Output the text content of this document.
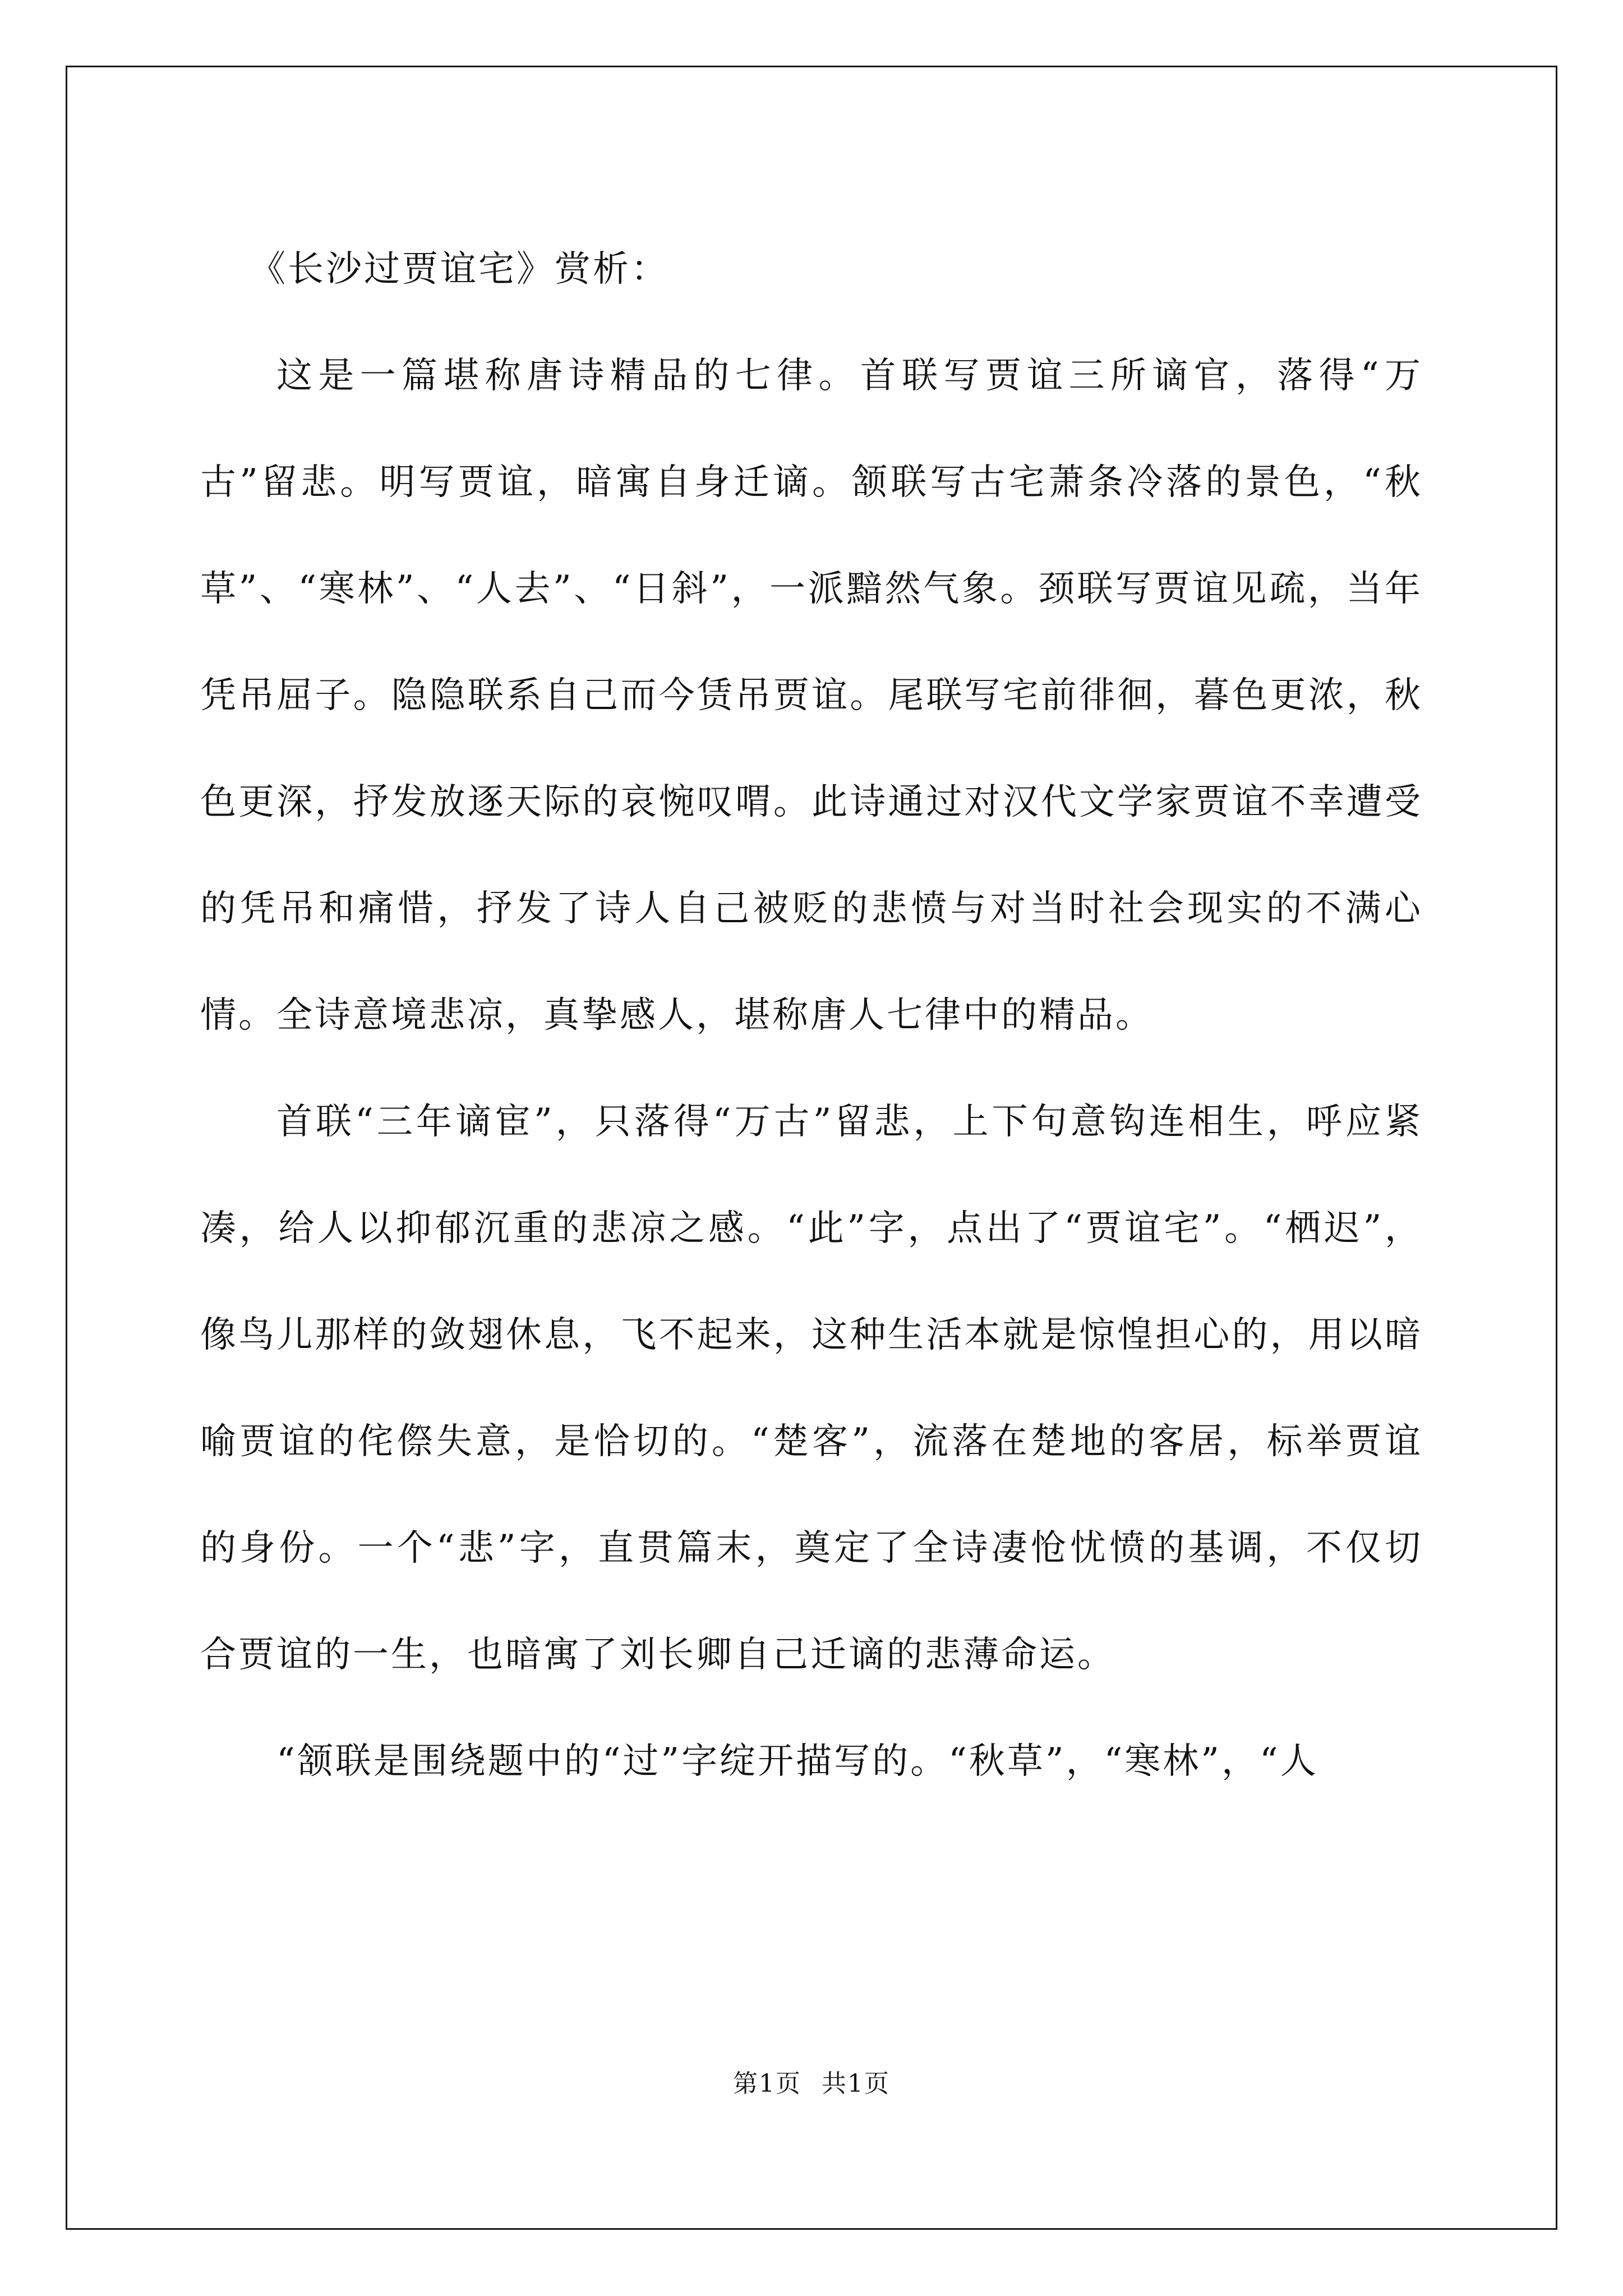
《长沙过贾谊宅》赏析：

这是一篇堪称唐诗精品的七律。首联写贾谊三所谪官，落得“万古”留悲。明写贾谊，暗寓自身迁谪。颔联写古宅萧条冷落的景色，“秋草”、“寒林”、“人去”、“日斜”，一派黯然气象。颈联写贾谊见疏，当年凭吊屈子。隐隐联系自己而今赁吊贾谊。尾联写宅前徘徊，暮色更浓，秋色更深，抒发放逐天际的哀惋叹喟。此诗通过对汉代文学家贾谊不幸遭受的凭吊和痛惜，抒发了诗人自己被贬的悲愤与对当时社会现实的不满心情。全诗意境悲凉，真挚感人，堪称唐人七律中的精品。

首联“三年谪宦”，只落得“万古”留悲，上下句意钩连相生，呼应紧凑，给人以抑郁沉重的悲凉之感。“此”字，点出了“贾谊宅”。“栖迟”，像鸟儿那样的敛翅休息，飞不起来，这种生活本就是惊惶担心的，用以暗喻贾谊的侘傺失意，是恰切的。“楚客”，流落在楚地的客居，标举贾谊的身份。一个“悲”字，直贯篇末，奠定了全诗凄怆忧愤的基调，不仅切合贾谊的一生，也暗寓了刘长卿自己迁谪的悲薄命运。

“颔联是围绕题中的“过”字绽开描写的。“秋草”，“寒林”，“人

第1页 共1页
